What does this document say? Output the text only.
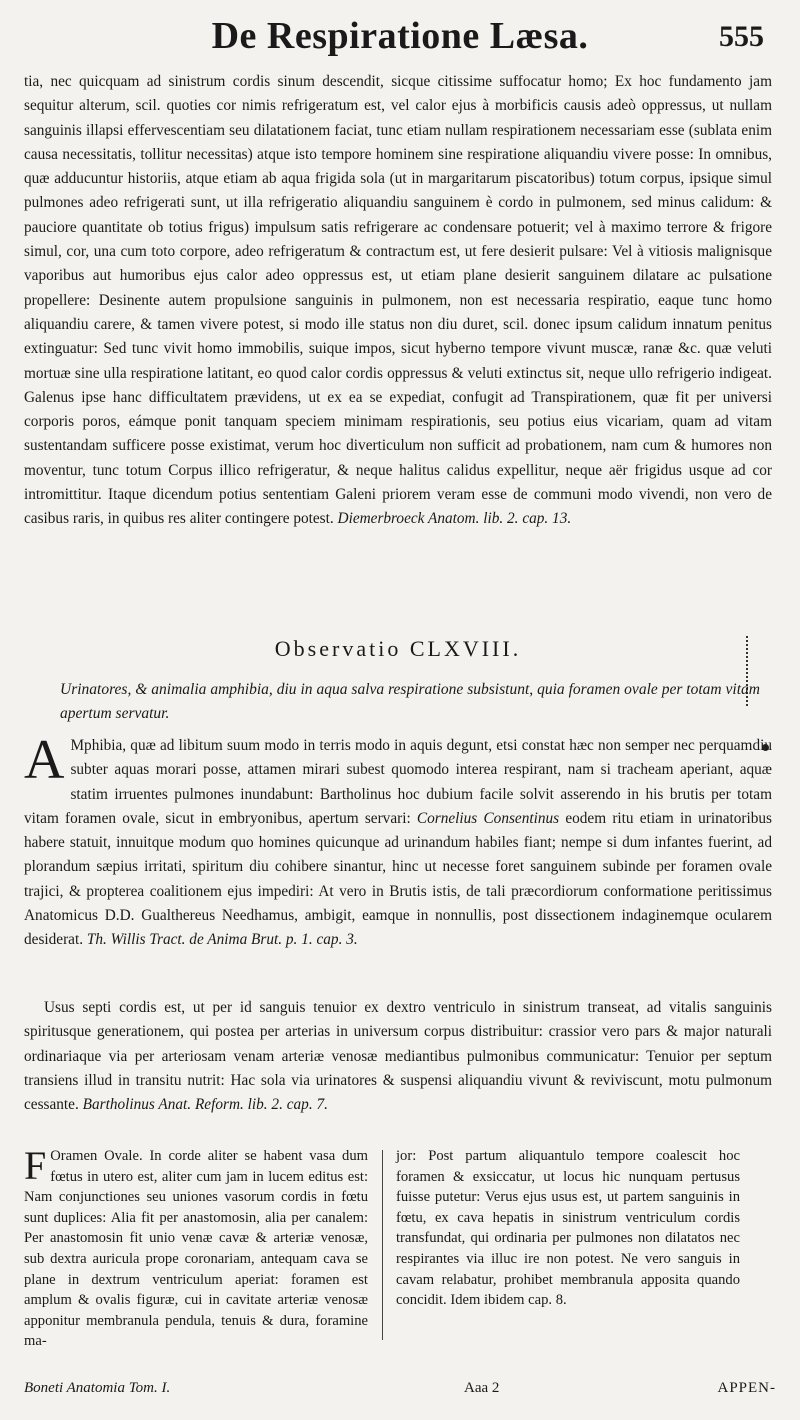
De Respiratione Læsa.	555
tia, nec quicquam ad sinistrum cordis sinum descendit, sicque citissime suffocatur homo; Ex hoc fundamento jam sequitur alterum, scil. quoties cor nimis refrigeratum est, vel calor ejus à morbificis causis adeò oppressus, ut nullam sanguinis illapsi effervescentiam seu dilatationem faciat, tunc etiam nullam respirationem necessariam esse (sublata enim causa necessitatis, tollitur necessitas) atque isto tempore hominem sine respiratione aliquandiu vivere posse: In omnibus, quæ adducuntur historiis, atque etiam ab aqua frigida sola (ut in margaritarum piscatoribus) totum corpus, ipsique simul pulmones adeo refrigerati sunt, ut illa refrigeratio aliquandiu sanguinem è cordo in pulmonem, sed minus calidum: & pauciore quantitate ob totius frigus) impulsum satis refrigerare ac condensare potuerit; vel à maximo terrore & frigore simul, cor, una cum toto corpore, adeo refrigeratum & contractum est, ut fere desierit pulsare: Vel à vitiosis malignisque vaporibus aut humoribus ejus calor adeo oppressus est, ut etiam plane desierit sanguinem dilatare ac pulsatione propellere: Desinente autem propulsione sanguinis in pulmonem, non est necessaria respiratio, eaque tunc homo aliquandiu carere, & tamen vivere potest, si modo ille status non diu duret, scil. donec ipsum calidum innatum penitus extinguatur: Sed tunc vivit homo immobilis, suique impos, sicut hyberno tempore vivunt muscæ, ranæ &c. quæ veluti mortuæ sine ulla respiratione latitant, eo quod calor cordis oppressus & veluti extinctus sit, neque ullo refrigerio indigeat. Galenus ipse hanc difficultatem prævidens, ut ex ea se expediat, confugit ad Transpirationem, quæ fit per universi corporis poros, eámque ponit tanquam speciem minimam respirationis, seu potius eius vicariam, quam ad vitam sustentandam sufficere posse existimat, verum hoc diverticulum non sufficit ad probationem, nam cum & humores non moventur, tunc totum Corpus illico refrigeratur, & neque halitus calidus expellitur, neque aër frigidus usque ad cor intromittitur. Itaque dicendum potius sententiam Galeni priorem veram esse de communi modo vivendi, non vero de casibus raris, in quibus res aliter contingere potest. Diemerbroeck Anatom. lib. 2. cap. 13.
Observatio CLXVIII.
Urinatores, & animalia amphibia, diu in aqua salva respiratione subsistunt, quia foramen ovale per totam vitam apertum servatur.
A Mphibia, quæ ad libitum suum modo in terris modo in aquis degunt, etsi constat hæc non semper nec perquamdiu subter aquas morari posse, attamen mirari subest quomodo interea respirant, nam si tracheam aperiant, aquæ statim irruentes pulmones inundabunt: Bartholinus hoc dubium facile solvit asserendo in his brutis per totam vitam foramen ovale, sicut in embryonibus, apertum servari: Cornelius Consentinus eodem ritu etiam in urinatoribus habere statuit, innuitque modum quo homines quicunque ad urinandum habiles fiant; nempe si dum infantes fuerint, ad plorandum sæpius irritati, spiritum diu cohibere sinantur, hinc ut necesse foret sanguinem subinde per foramen ovale trajici, & propterea coalitionem ejus impediri: At vero in Brutis istis, de tali præcordiorum conformatione peritissimus Anatomicus D.D. Gualthereus Needhamus, ambigit, eamque in nonnullis, post dissectionem indaginemque ocularem desiderat. Th. Willis Tract. de Anima Brut. p. 1. cap. 3.
Usus septi cordis est, ut per id sanguis tenuior ex dextro ventriculo in sinistrum transeat, ad vitalis sanguinis spiritusque generationem, qui postea per arterias in universum corpus distribuitur: crassior vero pars & major naturali ordinariaque via per arteriosam venam arteriæ venosæ mediantibus pulmonibus communicatur: Tenuior per septum transiens illud in transitu nutrit: Hac sola via urinatores & suspensi aliquandiu vivunt & reviviscunt, motu pulmonum cessante. Bartholinus Anat. Reform. lib. 2. cap. 7.
F Oramen Ovale. In corde aliter se habent vasa dum fœtus in utero est, aliter cum jam in lucem editus est: Nam conjunctiones seu uniones vasorum cordis in fœtu sunt duplices: Alia fit per anastomosin, alia per canalem: Per anastomosin fit unio venæ cavæ & arteriæ venosæ, sub dextra auricula prope coronariam, antequam cava se plane in dextrum ventriculum aperiat: foramen est amplum & ovalis figuræ, cui in cavitate arteriæ venosæ apponitur membranula pendula, tenuis & dura, foramine ma-
jor: Post partum aliquantulo tempore coalescit hoc foramen & exsiccatur, ut locus hic nunquam pertusus fuisse putetur: Verus ejus usus est, ut partem sanguinis in fœtu, ex cava hepatis in sinistrum ventriculum cordis transfundat, qui ordinaria per pulmones non dilatatos nec respirantes via illuc ire non potest. Ne vero sanguis in cavam relabatur, prohibet membranula apposita quando concidit. Idem ibidem cap. 8.
Boneti Anatomia Tom. I.	Aaa 2	APPEN-
